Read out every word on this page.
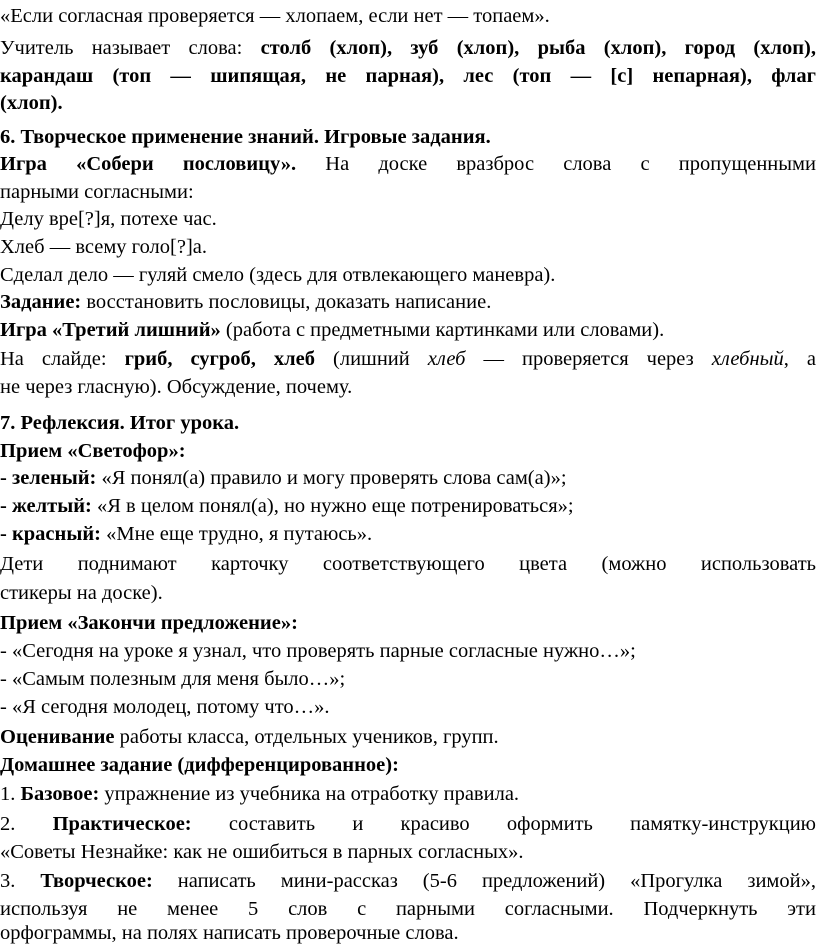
«Если согласная проверяется — хлопаем, если нет — топаем».
Учитель называет слова: столб (хлоп), зуб (хлоп), рыба (хлоп), город (хлоп),
карандаш (топ — шипящая, не парная), лес (топ — [с] непарная), флаг
(хлоп).
6. Творческое применение знаний. Игровые задания.
Игра «Собери пословицу». На доске вразброс слова с пропущенными
парными согласными:
Делу вре[?]я, потехе час.
Хлеб — всему голо[?]а.
Сделал дело — гуляй смело (здесь для отвлекающего маневра).
Задание: восстановить пословицы, доказать написание.
Игра «Третий лишний» (работа с предметными картинками или словами).
На слайде: гриб, сугроб, хлеб (лишний хлеб — проверяется через хлебный, а
не через гласную). Обсуждение, почему.
7. Рефлексия. Итог урока.
Прием «Светофор»:
- зеленый: «Я понял(а) правило и могу проверять слова сам(а)»;
- желтый: «Я в целом понял(а), но нужно еще потренироваться»;
- красный: «Мне еще трудно, я путаюсь».
Дети поднимают карточку соответствующего цвета (можно использовать
стикеры на доске).
Прием «Закончи предложение»:
- «Сегодня на уроке я узнал, что проверять парные согласные нужно…»;
- «Самым полезным для меня было…»;
- «Я сегодня молодец, потому что…».
Оценивание работы класса, отдельных учеников, групп.
Домашнее задание (дифференцированное):
1. Базовое: упражнение из учебника на отработку правила.
2. Практическое: составить и красиво оформить памятку-инструкцию
«Советы Незнайке: как не ошибиться в парных согласных».
3. Творческое: написать мини-рассказ (5-6 предложений) «Прогулка зимой»,
используя не менее 5 слов с парными согласными. Подчеркнуть эти
орфограммы, на полях написать проверочные слова.
